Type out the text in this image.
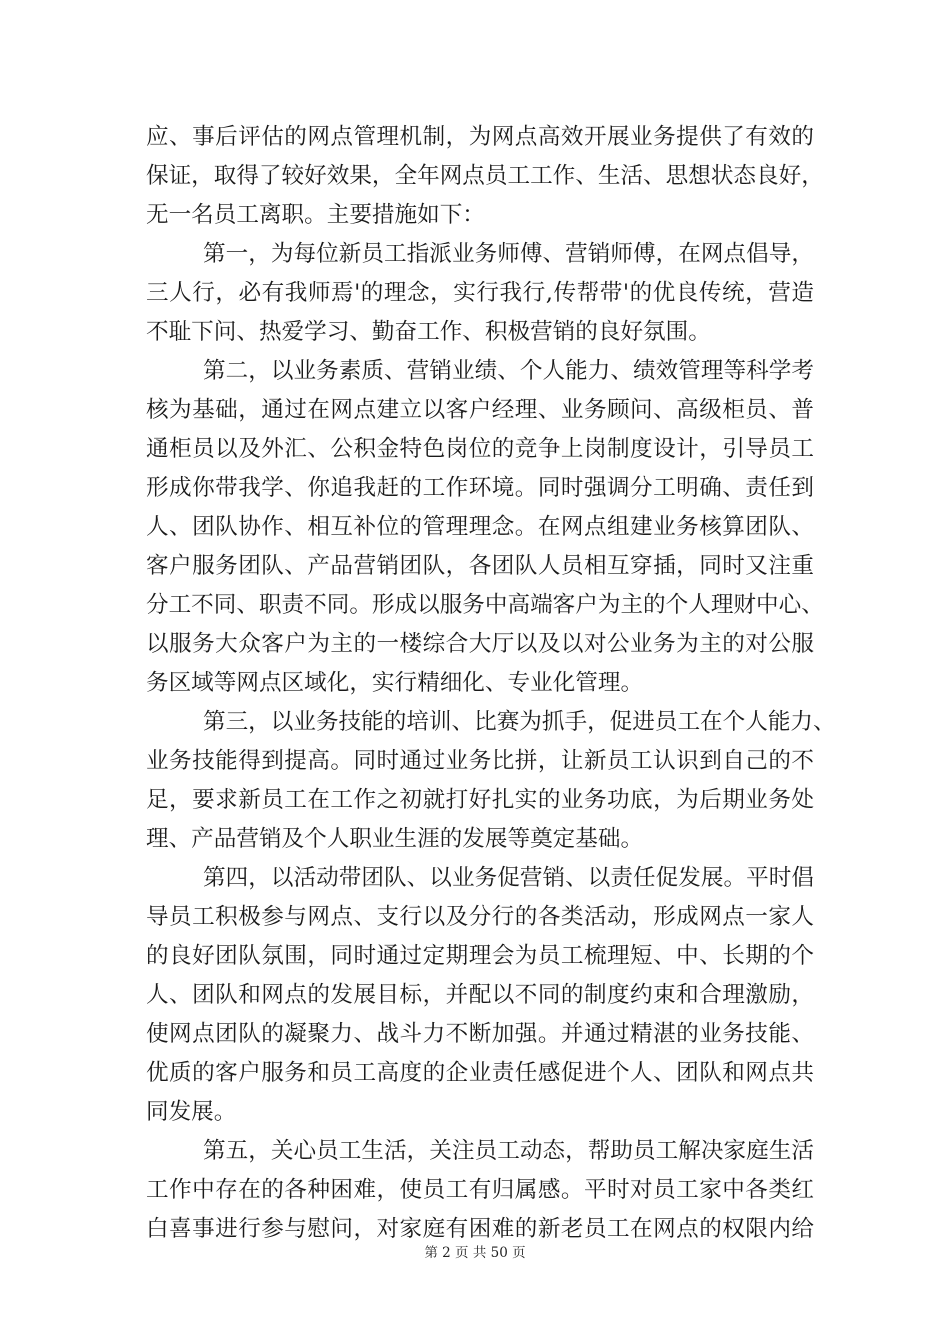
应、事后评估的网点管理机制，为网点高效开展业务提供了有效的
保证，取得了较好效果，全年网点员工工作、生活、思想状态良好，
无一名员工离职。主要措施如下：
第一，为每位新员工指派业务师傅、营销师傅，在网点倡导，
三人行，必有我师焉'的理念，实行我行,传帮带'的优良传统，营造
不耻下问、热爱学习、勤奋工作、积极营销的良好氛围。
第二，以业务素质、营销业绩、个人能力、绩效管理等科学考
核为基础，通过在网点建立以客户经理、业务顾问、高级柜员、普
通柜员以及外汇、公积金特色岗位的竞争上岗制度设计，引导员工
形成你带我学、你追我赶的工作环境。同时强调分工明确、责任到
人、团队协作、相互补位的管理理念。在网点组建业务核算团队、
客户服务团队、产品营销团队，各团队人员相互穿插，同时又注重
分工不同、职责不同。形成以服务中高端客户为主的个人理财中心、
以服务大众客户为主的一楼综合大厅以及以对公业务为主的对公服
务区域等网点区域化，实行精细化、专业化管理。
第三，以业务技能的培训、比赛为抓手，促进员工在个人能力、
业务技能得到提高。同时通过业务比拼，让新员工认识到自己的不
足，要求新员工在工作之初就打好扎实的业务功底，为后期业务处
理、产品营销及个人职业生涯的发展等奠定基础。
第四，以活动带团队、以业务促营销、以责任促发展。平时倡
导员工积极参与网点、支行以及分行的各类活动，形成网点一家人
的良好团队氛围，同时通过定期理会为员工梳理短、中、长期的个
人、团队和网点的发展目标，并配以不同的制度约束和合理激励，
使网点团队的凝聚力、战斗力不断加强。并通过精湛的业务技能、
优质的客户服务和员工高度的企业责任感促进个人、团队和网点共
同发展。
第五，关心员工生活，关注员工动态，帮助员工解决家庭生活
工作中存在的各种困难，使员工有归属感。平时对员工家中各类红
白喜事进行参与慰问，对家庭有困难的新老员工在网点的权限内给
第 2 页 共 50 页
